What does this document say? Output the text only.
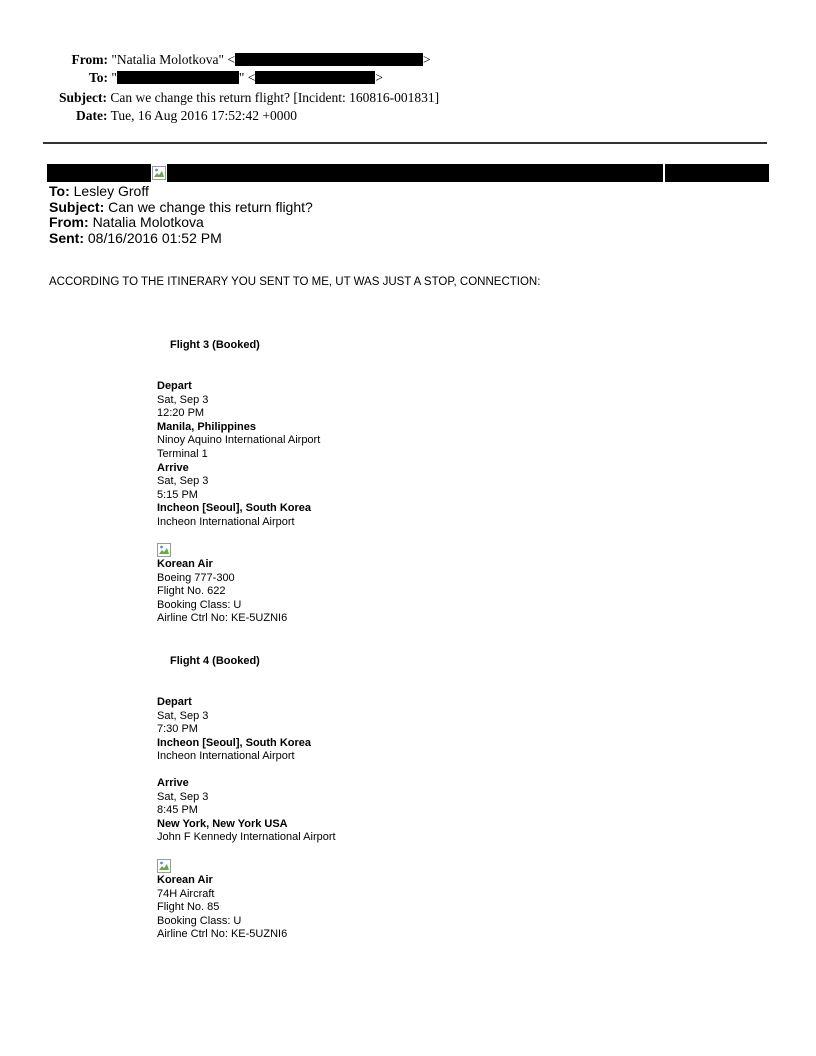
From: "Natalia Molotkova" <	>
To: "	" <	>
Subject: Can we change this return flight? [Incident: 160816-001831]
Date: Tue, 16 Aug 2016 17:52:42 +0000
To: Lesley Groff
Subject: Can we change this return flight?
From: Natalia Molotkova
Sent: 08/16/2016 01:52 PM
ACCORDING TO THE ITINERARY YOU SENT TO ME, UT WAS JUST A STOP, CONNECTION:
Flight 3 (Booked)
Depart
Sat, Sep 3
12:20 PM
Manila, Philippines
Ninoy Aquino International Airport
Terminal 1
Arrive
Sat, Sep 3
5:15 PM
Incheon [Seoul], South Korea
Incheon International Airport
Korean Air
Boeing 777-300
Flight No. 622
Booking Class: U
Airline Ctrl No: KE-5UZNI6
Flight 4 (Booked)
Depart
Sat, Sep 3
7:30 PM
Incheon [Seoul], South Korea
Incheon International Airport
Arrive
Sat, Sep 3
8:45 PM
New York, New York USA
John F Kennedy International Airport
Korean Air
74H Aircraft
Flight No. 85
Booking Class: U
Airline Ctrl No: KE-5UZNI6
